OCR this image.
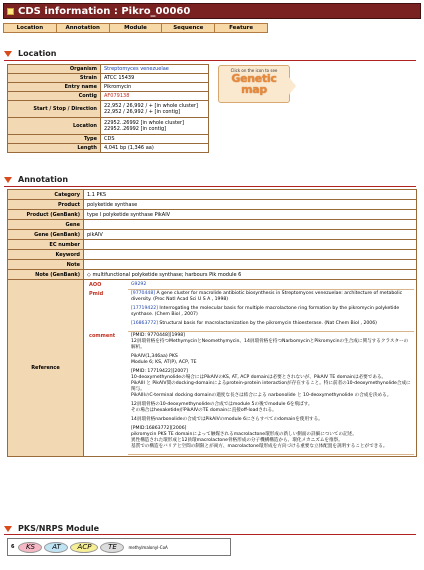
CDS information : Pikro_00060
Location	Annotation	Module	Sequence	Feature
Location
Organism	Streptomyces venezuelae
Strain	ATCC 15439
Entry name	Pikromycin
Contig	AF079138
Start / Stop / Direction	22,952 / 26,992 / + [in whole cluster]
22,952 / 26,992 / + [in contig]
Location	22952..26992 [in whole cluster]
22952..26992 [in contig]
Type	CDS
Length	4,041 bp (1,346 aa)
Click on the icon to see
Genetic
map
Annotation
Category	1.1 PKS
Product	polyketide synthase
Product (GenBank)	type I polyketide synthase PikAIV
Gene	
Gene (GenBank)	pikAIV
EC number	
Keyword	
Note	
Note (GenBank)	◇ multifunctional polyketide synthase; harbours Pik module 6
Reference	
AOO	G9292
Pmid	[9770448] A gene cluster for macrolide antibiotic biosynthesis in Streptomyces venezuelae: architecture of metabolic diversity. (Proc Natl Acad Sci U S A , 1998)

[17719422] Interrogating the molecular basis for multiple macrolactone ring formation by the pikromycin polyketide synthase. (Chem Biol , 2007)

[16863772] Structural basis for macrolactonization by the pikromycin thioesterase. (Nat Chem Biol , 2006)

comment	[PMID: 9770448][1998]
12員環骨格を持つMethymycinとNeomethymycin、14員環骨格を持つNarbomycinとPikromycinの生合成に関与するクラスターの解析。

PikAIV(1,346aa) PKS
Module 6; KS, AT(P), ACP, TE

[PMID: 17719422][2007]
10-deoxymethynolideの場合にはPikAIVのKS, AT, ACP domainは必要とされないが、PikAIV TE domainは必要である。
PikAIII と PikAIV間のdocking-domainによるprotein-protein interactionが存在すること。特に前者の10-deoxymethynolide合成に関与。
PikAIIIのC-terminal docking domainの適度な長さは結合による narbonolide と 10-deoxymethynolide の合成を決める。

12員環骨格の10-deoxymethynolideの合成ではmodule 5の後でmodule 6を飛ばす。
その場合はhexaketideがPikAIVのTE domainに直接off-loadされる。

14員環骨格narbonolideの合成ではPikAIVのmodule 6にさらすべてのdomainを使用する。

[PMID:16863772][2006]
pikromycin PKS TE domainによって触媒されるmacrolactone環形成の新しい側面の詳細についての記述。
異性構造された環形成と12員環macrolactone骨格形成の分子機構構造から、環化メカニズムを推察。
基質での構造をバリアと空間の制限とが両方、macrolactone環形成を方向づける重要な立体配置を説明することができる。

PKS/NRPS Module
6	KS	AT	ACP	TE	methylmalonyl-CoA
